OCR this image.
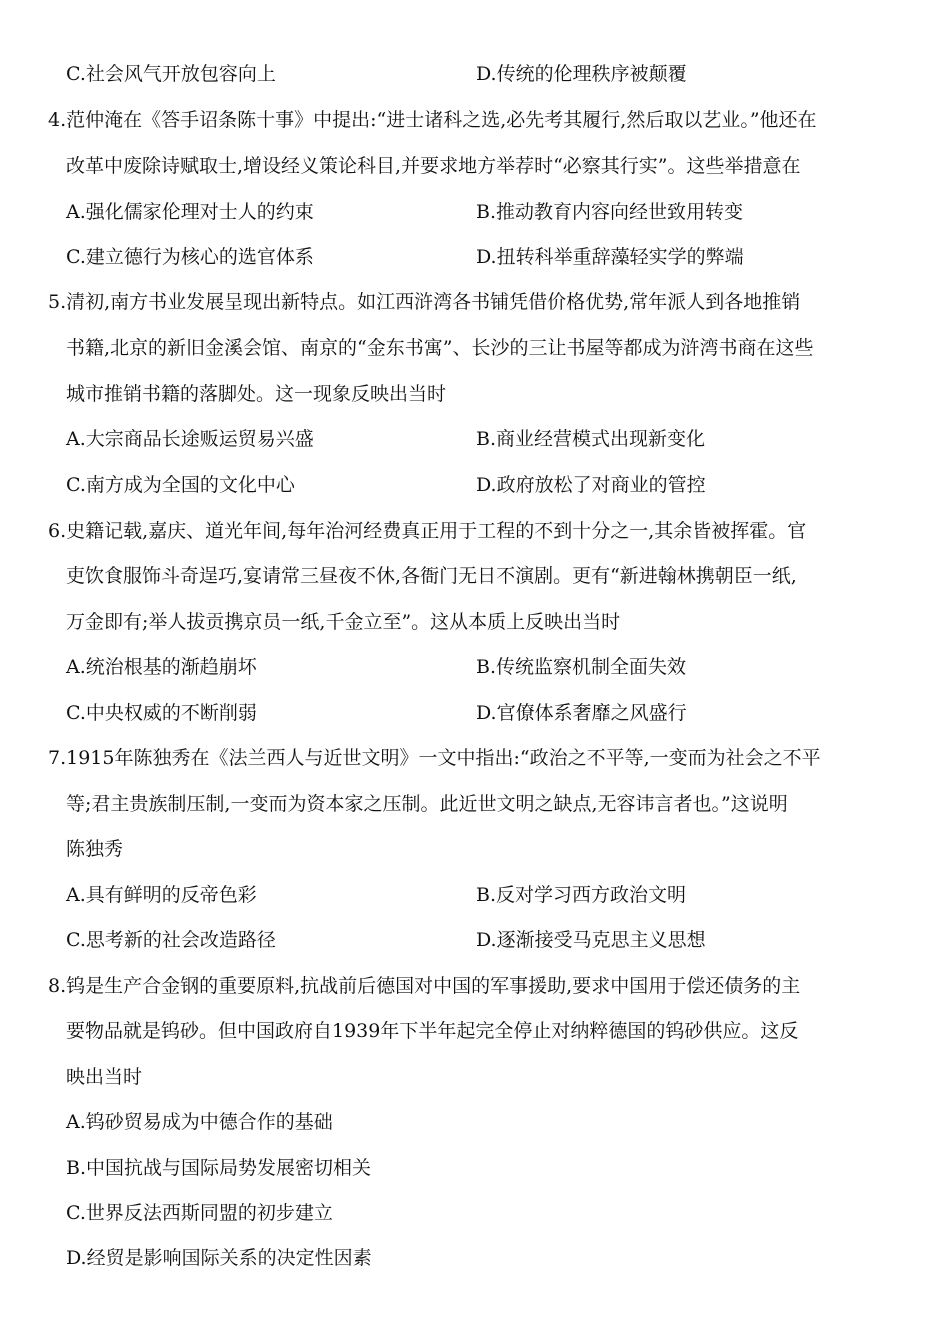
C.社会风气开放包容向上	D.传统的伦理秩序被颠覆
4.范仲淹在《答手诏条陈十事》中提出:“进士诸科之选,必先考其履行,然后取以艺业。”他还在
改革中废除诗赋取士,增设经义策论科目,并要求地方举荐时“必察其行实”。这些举措意在
A.强化儒家伦理对士人的约束	B.推动教育内容向经世致用转变
C.建立德行为核心的选官体系	D.扭转科举重辞藻轻实学的弊端
5.清初,南方书业发展呈现出新特点。如江西浒湾各书铺凭借价格优势,常年派人到各地推销
书籍,北京的新旧金溪会馆、南京的“金东书寓”、长沙的三让书屋等都成为浒湾书商在这些
城市推销书籍的落脚处。这一现象反映出当时
A.大宗商品长途贩运贸易兴盛	B.商业经营模式出现新变化
C.南方成为全国的文化中心	D.政府放松了对商业的管控
6.史籍记载,嘉庆、道光年间,每年治河经费真正用于工程的不到十分之一,其余皆被挥霍。官
吏饮食服饰斗奇逞巧,宴请常三昼夜不休,各衙门无日不演剧。更有“新进翰林携朝臣一纸,
万金即有;举人拔贡携京员一纸,千金立至”。这从本质上反映出当时
A.统治根基的渐趋崩坏	B.传统监察机制全面失效
C.中央权威的不断削弱	D.官僚体系奢靡之风盛行
7.1915年陈独秀在《法兰西人与近世文明》一文中指出:“政治之不平等,一变而为社会之不平
等;君主贵族制压制,一变而为资本家之压制。此近世文明之缺点,无容讳言者也。”这说明
陈独秀
A.具有鲜明的反帝色彩	B.反对学习西方政治文明
C.思考新的社会改造路径	D.逐渐接受马克思主义思想
8.钨是生产合金钢的重要原料,抗战前后德国对中国的军事援助,要求中国用于偿还债务的主
要物品就是钨砂。但中国政府自1939年下半年起完全停止对纳粹德国的钨砂供应。这反
映出当时
A.钨砂贸易成为中德合作的基础
B.中国抗战与国际局势发展密切相关
C.世界反法西斯同盟的初步建立
D.经贸是影响国际关系的决定性因素
